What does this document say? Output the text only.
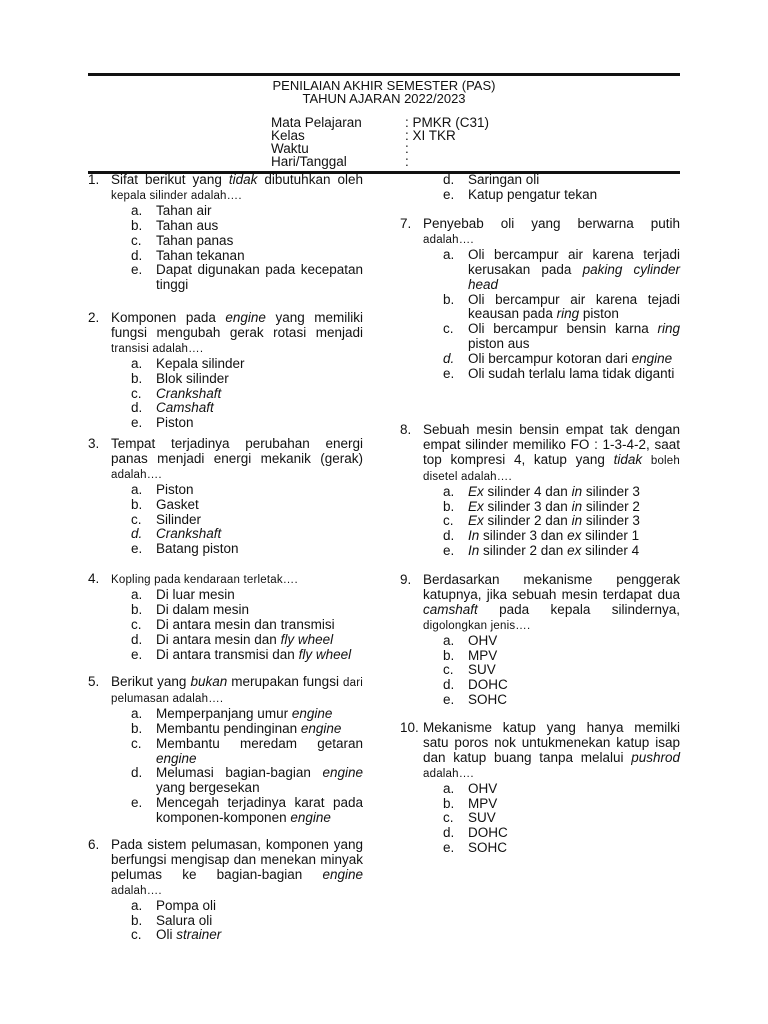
PENILAIAN AKHIR SEMESTER (PAS)
TAHUN AJARAN 2022/2023
Mata Pelajaran	: PMKR (C31)
Kelas	: XI TKR
Waktu	:
Hari/Tanggal	:
1. Sifat berikut yang tidak dibutuhkan oleh kepala silinder adalah….
a. Tahan air
b. Tahan aus
c. Tahan panas
d. Tahan tekanan
e. Dapat digunakan pada kecepatan tinggi
2. Komponen pada engine yang memiliki fungsi mengubah gerak rotasi menjadi transisi adalah….
a. Kepala silinder
b. Blok silinder
c. Crankshaft
d. Camshaft
e. Piston
3. Tempat terjadinya perubahan energi panas menjadi energi mekanik (gerak) adalah….
a. Piston
b. Gasket
c. Silinder
d. Crankshaft
e. Batang piston
4. Kopling pada kendaraan terletak….
a. Di luar mesin
b. Di dalam mesin
c. Di antara mesin dan transmisi
d. Di antara mesin dan fly wheel
e. Di antara transmisi dan fly wheel
5. Berikut yang bukan merupakan fungsi dari pelumasan adalah….
a. Memperpanjang umur engine
b. Membantu pendinginan engine
c. Membantu meredam getaran engine
d. Melumasi bagian-bagian engine yang bergesekan
e. Mencegah terjadinya karat pada komponen-komponen engine
6. Pada sistem pelumasan, komponen yang berfungsi mengisap dan menekan minyak pelumas ke bagian-bagian engine adalah….
a. Pompa oli
b. Salura oli
c. Oli strainer
d. Saringan oli
e. Katup pengatur tekan
7. Penyebab oli yang berwarna putih adalah….
a. Oli bercampur air karena terjadi kerusakan pada paking cylinder head
b. Oli bercampur air karena tejadi keausan pada ring piston
c. Oli bercampur bensin karna ring piston aus
d. Oli bercampur kotoran dari engine
e. Oli sudah terlalu lama tidak diganti
8. Sebuah mesin bensin empat tak dengan empat silinder memiliko FO : 1-3-4-2, saat top kompresi 4, katup yang tidak boleh disetel adalah….
a. Ex silinder 4 dan in silinder 3
b. Ex silinder 3 dan in silinder 2
c. Ex silinder 2 dan in silinder 3
d. In silinder 3 dan ex silinder 1
e. In silinder 2 dan ex silinder 4
9. Berdasarkan mekanisme penggerak katupnya, jika sebuah mesin terdapat dua camshaft pada kepala silindernya, digolongkan jenis….
a. OHV
b. MPV
c. SUV
d. DOHC
e. SOHC
10. Mekanisme katup yang hanya memilki satu poros nok untukmenekan katup isap dan katup buang tanpa melalui pushrod adalah….
a. OHV
b. MPV
c. SUV
d. DOHC
e. SOHC
